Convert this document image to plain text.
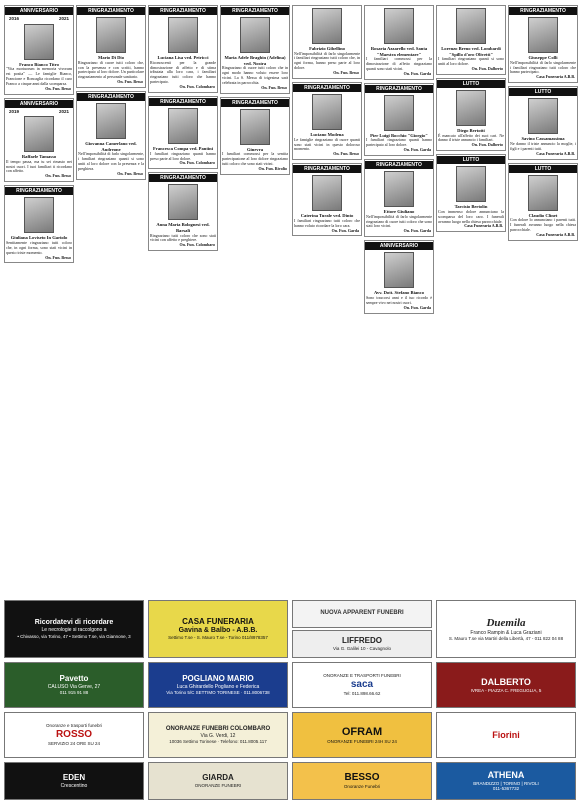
ANNIVERSARIO
2016	2021
Franco Bianco Titro
"Vita mortuorum in memoria vivorum est posita" — Le famiglie Bianco, Francione e Roncaglia ricordano il caro Franco a cinque anni dalla scomparsa.
On. Fun. Besso
ANNIVERSARIO
2019	2021
Raffaele Tamasso
Il tempo passa, ma tu sei rimasto nei nostri cuori. I tuoi familiari ti ricordano con affetto.
On. Fun. Besso
RINGRAZIAMENTO
Giuliana Loviseto In Gariolo
Sentitamente ringraziano tutti coloro che, in ogni forma, sono stati vicini in questo triste momento.
On. Fun. Besso
RINGRAZIAMENTO
Mario Di Dio
Ringraziano di cuore tutti coloro che, con la presenza e con scritti, hanno partecipato al loro dolore. Un particolare ringraziamento al personale sanitario.
On. Fun. Besso
RINGRAZIAMENTO
Giovanna Camerlano ved. Andreone
Nell'impossibilità di farlo singolarmente, i familiari ringraziano quanti si sono uniti al loro dolore con la presenza e la preghiera.
On. Fun. Besso
RINGRAZIAMENTO
Luciana Lisa ved. Petricci
Riconoscenti per la grande dimostrazione di affetto e di stima tributata alla loro cara, i familiari ringraziano tutti coloro che hanno partecipato.
On. Fun. Colombaro
RINGRAZIAMENTO
Francesca Compa ved. Pantini
I familiari ringraziano quanti hanno preso parte al loro dolore.
On. Fun. Colombaro
RINGRAZIAMENTO
Anna Maria Bolognesi ved. Barsali
Ringraziano tutti coloro che sono stati vicini con affetto e preghiere.
On. Fun. Colombaro
RINGRAZIAMENTO
Maria Adele Braghin (Adelina) ved. Nostra
Ringraziano di cuore tutti coloro che in ogni modo hanno voluto essere loro vicini. La S. Messa di trigesima sarà celebrata in parrocchia.
On. Fun. Besso
RINGRAZIAMENTO
Ginevra
I familiari commossi per la sentita partecipazione al loro dolore ringraziano tutti coloro che sono stati vicini.
On. Fun. Rivolio
Fabrizio Gibellino
Nell'impossibilità di farlo singolarmente i familiari ringraziano tutti coloro che, in ogni forma, hanno preso parte al loro dolore.
On. Fun. Besso
RINGRAZIAMENTO
Luciano Modena
Le famiglie ringraziano di cuore quanti sono stati vicini in questo doloroso momento.
On. Fun. Besso
RINGRAZIAMENTO
Caterina Turale ved. Dinto
I familiari ringraziano tutti coloro che hanno voluto ricordare la loro cara.
On. Fun. Garda
Rosaria Azzarello ved. Santa "Maestra elementare"
I familiari commossi per la dimostrazione di affetto ringraziano quanti sono stati vicini.
On. Fun. Garda
RINGRAZIAMENTO
Pier Luigi Bocchio "Giorgio"
I familiari ringraziano quanti hanno partecipato al loro dolore.
On. Fun. Garda
RINGRAZIAMENTO
Ettore Giuliano
Nell'impossibilità di farlo singolarmente ringraziano di cuore tutti coloro che sono stati loro vicini.
On. Fun. Garda
ANNIVERSARIO
Avv. Dott. Stefano Bianco
Sono trascorsi anni e il tuo ricordo è sempre vivo nei nostri cuori.
On. Fun. Garda
Lorenzo Breno ved. Lombardi "Spillo d'oro Olivetti"
I familiari ringraziano quanti si sono uniti al loro dolore.
On. Fun. Dalberto
LUTTO
Diego Bertotti
È mancato all'affetto dei suoi cari. Ne danno il triste annuncio i familiari.
On. Fun. Dalberto
LUTTO
Tarcisio Bertolin
Con immenso dolore annunciano la scomparsa del loro caro. I funerali avranno luogo nella chiesa parrocchiale.
Casa Funeraria A.B.B.
RINGRAZIAMENTO
Giuseppe Colli
Nell'impossibilità di farlo singolarmente i familiari ringraziano tutti coloro che hanno partecipato.
Casa Funeraria A.B.B.
LUTTO
Savino Cassamassima
Ne danno il triste annuncio la moglie, i figli e i parenti tutti.
Casa Funeraria A.B.B.
LUTTO
Claudio Clinet
Con dolore lo annunciano i parenti tutti. I funerali avranno luogo nella chiesa parrocchiale.
Casa Funeraria A.B.B.
Ricordatevi di ricordare
Le necrologie si raccolgono a
• Chivasso, via Torino, 47 • Settimo T.se, via Giannone, 3
CASA FUNERARIA
Gavina & Balbo - A.B.B.
Settimo T.se - S. Mauro T.se - Torino 011/8978357
NUOVA APPARENT FUNEBRI
Duemila
Franco Rampin & Luca Graziani
S. Mauro T.se via Martiri della Libertà, 47 - 011 822 04 88
LIFFREDO
Via G. Galilei 10 - Cavagnolo
Pavetto
CALUSO Via Gerve, 27
011 915 91 88
POGLIANO MARIO
Luca Ghirardello Pogliano e Federica
Via Torino 5/C SETTIMO TORINESE · 011.8006738
ONORANZE E TRASPORTI FUNEBRI
saca
Tel: 011.898.66.62
DALBERTO
IVREA - PIAZZA C. FREGUGLIA, 5
Onoranze e trasporti funebri
ROSSO
SERVIZIO 24 ORE SU 24
ONORANZE FUNEBRI COLOMBARO
Via G. Verdi, 12
10036 Settimo Torinese · Telefono: 011.8005.117
OFRAM
ONORANZE FUNEBRI 24H SU 24
Fiorini
EDEN
Crescentino
GIARDA
ONORANZE FUNEBRI
BESSO
Onoranze Funebri
ATHENA
BRANDIZZO | TORINO | RIVOLI
011-5367732
